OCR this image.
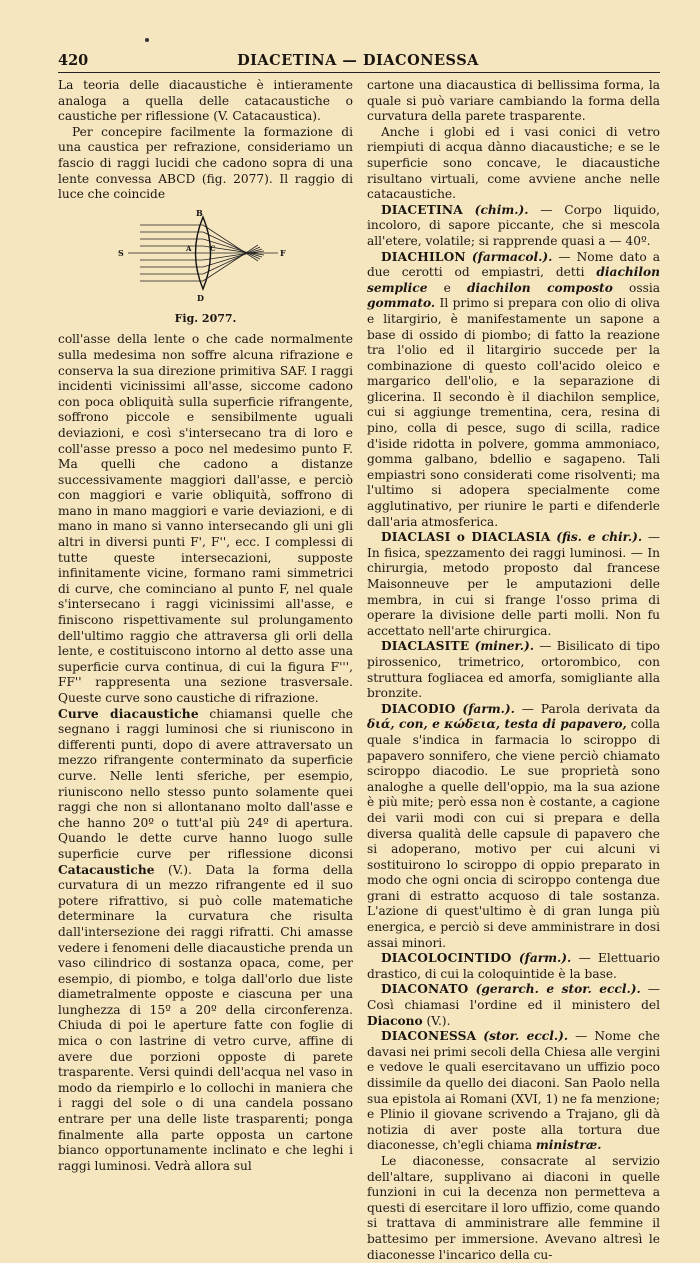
420	DIACETINA — DIACONESSA

La teoria delle diacaustiche è intieramente analoga a quella delle catacaustiche o caustiche per riflessione (V. Catacaustica).

Per concepire facilmente la formazione di una caustica per refrazione, consideriamo un fascio di raggi lucidi che cadono sopra di una lente convessa ABCD (fig. 2077). Il raggio di luce che coincide

B
D
A	C
S	F
Fig. 2077.

coll'asse della lente o che cade normalmente sulla medesima non soffre alcuna rifrazione e conserva la sua direzione primitiva SAF. I raggi incidenti vicinissimi all'asse, siccome cadono con poca obliquità sulla superficie rifrangente, soffrono piccole e sensibilmente uguali deviazioni, e così s'intersecano tra di loro e coll'asse presso a poco nel medesimo punto F. Ma quelli che cadono a distanze successivamente maggiori dall'asse, e perciò con maggiori e varie obliquità, soffrono di mano in mano maggiori e varie deviazioni, e di mano in mano si vanno intersecando gli uni gli altri in diversi punti F', F'', ecc. I complessi di tutte queste intersecazioni, supposte infinitamente vicine, formano rami simmetrici di curve, che cominciano al punto F, nel quale s'intersecano i raggi vicinissimi all'asse, e finiscono rispettivamente sul prolungamento dell'ultimo raggio che attraversa gli orli della lente, e costituiscono intorno al detto asse una superficie curva continua, di cui la figura F''', FF'' rappresenta una sezione trasversale. Queste curve sono caustiche di rifrazione.

Curve diacaustiche chiamansi quelle che segnano i raggi luminosi che si riuniscono in differenti punti, dopo di avere attraversato un mezzo rifrangente conterminato da superficie curve. Nelle lenti sferiche, per esempio, riuniscono nello stesso punto solamente quei raggi che non si allontanano molto dall'asse e che hanno 20º o tutt'al più 24º di apertura. Quando le dette curve hanno luogo sulle superficie curve per riflessione diconsi Catacaustiche (V.). Data la forma della curvatura di un mezzo rifrangente ed il suo potere rifrattivo, si può colle matematiche determinare la curvatura che risulta dall'intersezione dei raggi rifratti. Chi amasse vedere i fenomeni delle diacaustiche prenda un vaso cilindrico di sostanza opaca, come, per esempio, di piombo, e tolga dall'orlo due liste diametralmente opposte e ciascuna per una lunghezza di 15º a 20º della circonferenza. Chiuda di poi le aperture fatte con foglie di mica o con lastrine di vetro curve, affine di avere due porzioni opposte di parete trasparente. Versi quindi dell'acqua nel vaso in modo da riempirlo e lo collochi in maniera che i raggi del sole o di una candela possano entrare per una delle liste trasparenti; ponga finalmente alla parte opposta un cartone bianco opportunamente inclinato e che leghi i raggi luminosi. Vedrà allora sul

cartone una diacaustica di bellissima forma, la quale si può variare cambiando la forma della curvatura della parete trasparente.

Anche i globi ed i vasi conici di vetro riempiuti di acqua dànno diacaustiche; e se le superficie sono concave, le diacaustiche risultano virtuali, come avviene anche nelle catacaustiche.

DIACETINA (chim.). — Corpo liquido, incoloro, di sapore piccante, che si mescola all'etere, volatile; si rapprende quasi a — 40º.

DIACHILON (farmacol.). — Nome dato a due cerotti od empiastri, detti diachilon semplice e diachilon composto ossia gommato. Il primo si prepara con olio di oliva e litargirio, è manifestamente un sapone a base di ossido di piombo; di fatto la reazione tra l'olio ed il litargirio succede per la combinazione di questo coll'acido oleico e margarico dell'olio, e la separazione di glicerina. Il secondo è il diachilon semplice, cui si aggiunge trementina, cera, resina di pino, colla di pesce, sugo di scilla, radice d'iside ridotta in polvere, gomma ammoniaco, gomma galbano, bdellio e sagapeno. Tali empiastri sono considerati come risolventi; ma l'ultimo si adopera specialmente come agglutinativo, per riunire le parti e difenderle dall'aria atmosferica.

DIACLASI o DIACLASIA (fis. e chir.). — In fisica, spezzamento dei raggi luminosi. — In chirurgia, metodo proposto dal francese Maisonneuve per le amputazioni delle membra, in cui si frange l'osso prima di operare la divisione delle parti molli. Non fu accettato nell'arte chirurgica.

DIACLASITE (miner.). — Bisilicato di tipo pirossenico, trimetrico, ortorombico, con struttura fogliacea ed amorfa, somigliante alla bronzite.

DIACODIO (farm.). — Parola derivata da διά, con, e κώδεια, testa di papavero, colla quale s'indica in farmacia lo sciroppo di papavero sonnifero, che viene perciò chiamato sciroppo diacodio. Le sue proprietà sono analoghe a quelle dell'oppio, ma la sua azione è più mite; però essa non è costante, a cagione dei varii modi con cui si prepara e della diversa qualità delle capsule di papavero che si adoperano, motivo per cui alcuni vi sostituirono lo sciroppo di oppio preparato in modo che ogni oncia di sciroppo contenga due grani di estratto acquoso di tale sostanza. L'azione di quest'ultimo è di gran lunga più energica, e perciò si deve amministrare in dosi assai minori.

DIACOLOCINTIDO (farm.). — Elettuario drastico, di cui la coloquintide è la base.

DIACONATO (gerarch. e stor. eccl.). — Così chiamasi l'ordine ed il ministero del Diacono (V.).

DIACONESSA (stor. eccl.). — Nome che davasi nei primi secoli della Chiesa alle vergini e vedove le quali esercitavano un uffizio poco dissimile da quello dei diaconi. San Paolo nella sua epistola ai Romani (XVI, 1) ne fa menzione; e Plinio il giovane scrivendo a Trajano, gli dà notizia di aver poste alla tortura due diaconesse, ch'egli chiama ministræ.

Le diaconesse, consacrate al servizio dell'altare, supplivano ai diaconi in quelle funzioni in cui la decenza non permetteva a questi di esercitare il loro uffizio, come quando si trattava di amministrare alle femmine il battesimo per immersione. Avevano altresì le diaconesse l'incarico della cu-
